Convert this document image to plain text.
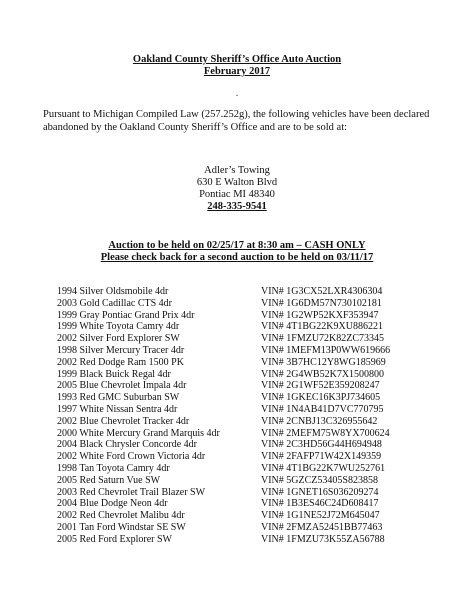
Oakland County Sheriff’s Office Auto Auction
February 2017
.
Pursuant to Michigan Compiled Law (257.252g), the following vehicles have been declared abandoned by the Oakland County Sheriff’s Office and are to be sold at:
Adler’s Towing
630 E Walton Blvd
Pontiac MI 48340
248-335-9541
Auction to be held on 02/25/17 at 8:30 am – CASH ONLY
Please check back for a second auction to be held on 03/11/17
1994 Silver Oldsmobile 4dr	VIN# 1G3CX52LXR4306304
2003 Gold Cadillac CTS 4dr	VIN# 1G6DM57N730102181
1999 Gray Pontiac Grand Prix 4dr	VIN# 1G2WP52KXF353947
1999 White Toyota Camry 4dr	VIN# 4T1BG22K9XU886221
2002 Silver Ford Explorer SW	VIN# 1FMZU72K82ZC73345
1998 Silver Mercury Tracer 4dr	VIN# 1MEFM13P0WW619666
2002 Red Dodge Ram 1500 PK	VIN# 3B7HC12Y8WG185969
1999 Black Buick Regal 4dr	VIN# 2G4WB52K7X1500800
2005 Blue Chevrolet Impala 4dr	VIN# 2G1WF52E359208247
1993 Red GMC Suburban SW	VIN# 1GKEC16K3PJ734605
1997 White Nissan Sentra 4dr	VIN# 1N4AB41D7VC770795
2002 Blue Chevrolet Tracker 4dr	VIN# 2CNBJ13C326955642
2000 White Mercury Grand Marquis 4dr	VIN# 2MEFM75W8YX700624
2004 Black Chrysler Concorde 4dr	VIN# 2C3HD56G44H694948
2002 White Ford Crown Victoria 4dr	VIN# 2FAFP71W42X149359
1998 Tan Toyota Camry 4dr	VIN# 4T1BG22K7WU252761
2005 Red Saturn Vue SW	VIN# 5GZCZ53405S823858
2003 Red Chevrolet Trail Blazer SW	VIN# 1GNET16S036209274
2004 Blue Dodge Neon 4dr	VIN# 1B3ES46C24D608417
2002 Red Chevrolet Malibu 4dr	VIN# 1G1NE52J72M645047
2001 Tan Ford Windstar SE SW	VIN# 2FMZA52451BB77463
2005 Red Ford Explorer SW	VIN# 1FMZU73K55ZA56788
